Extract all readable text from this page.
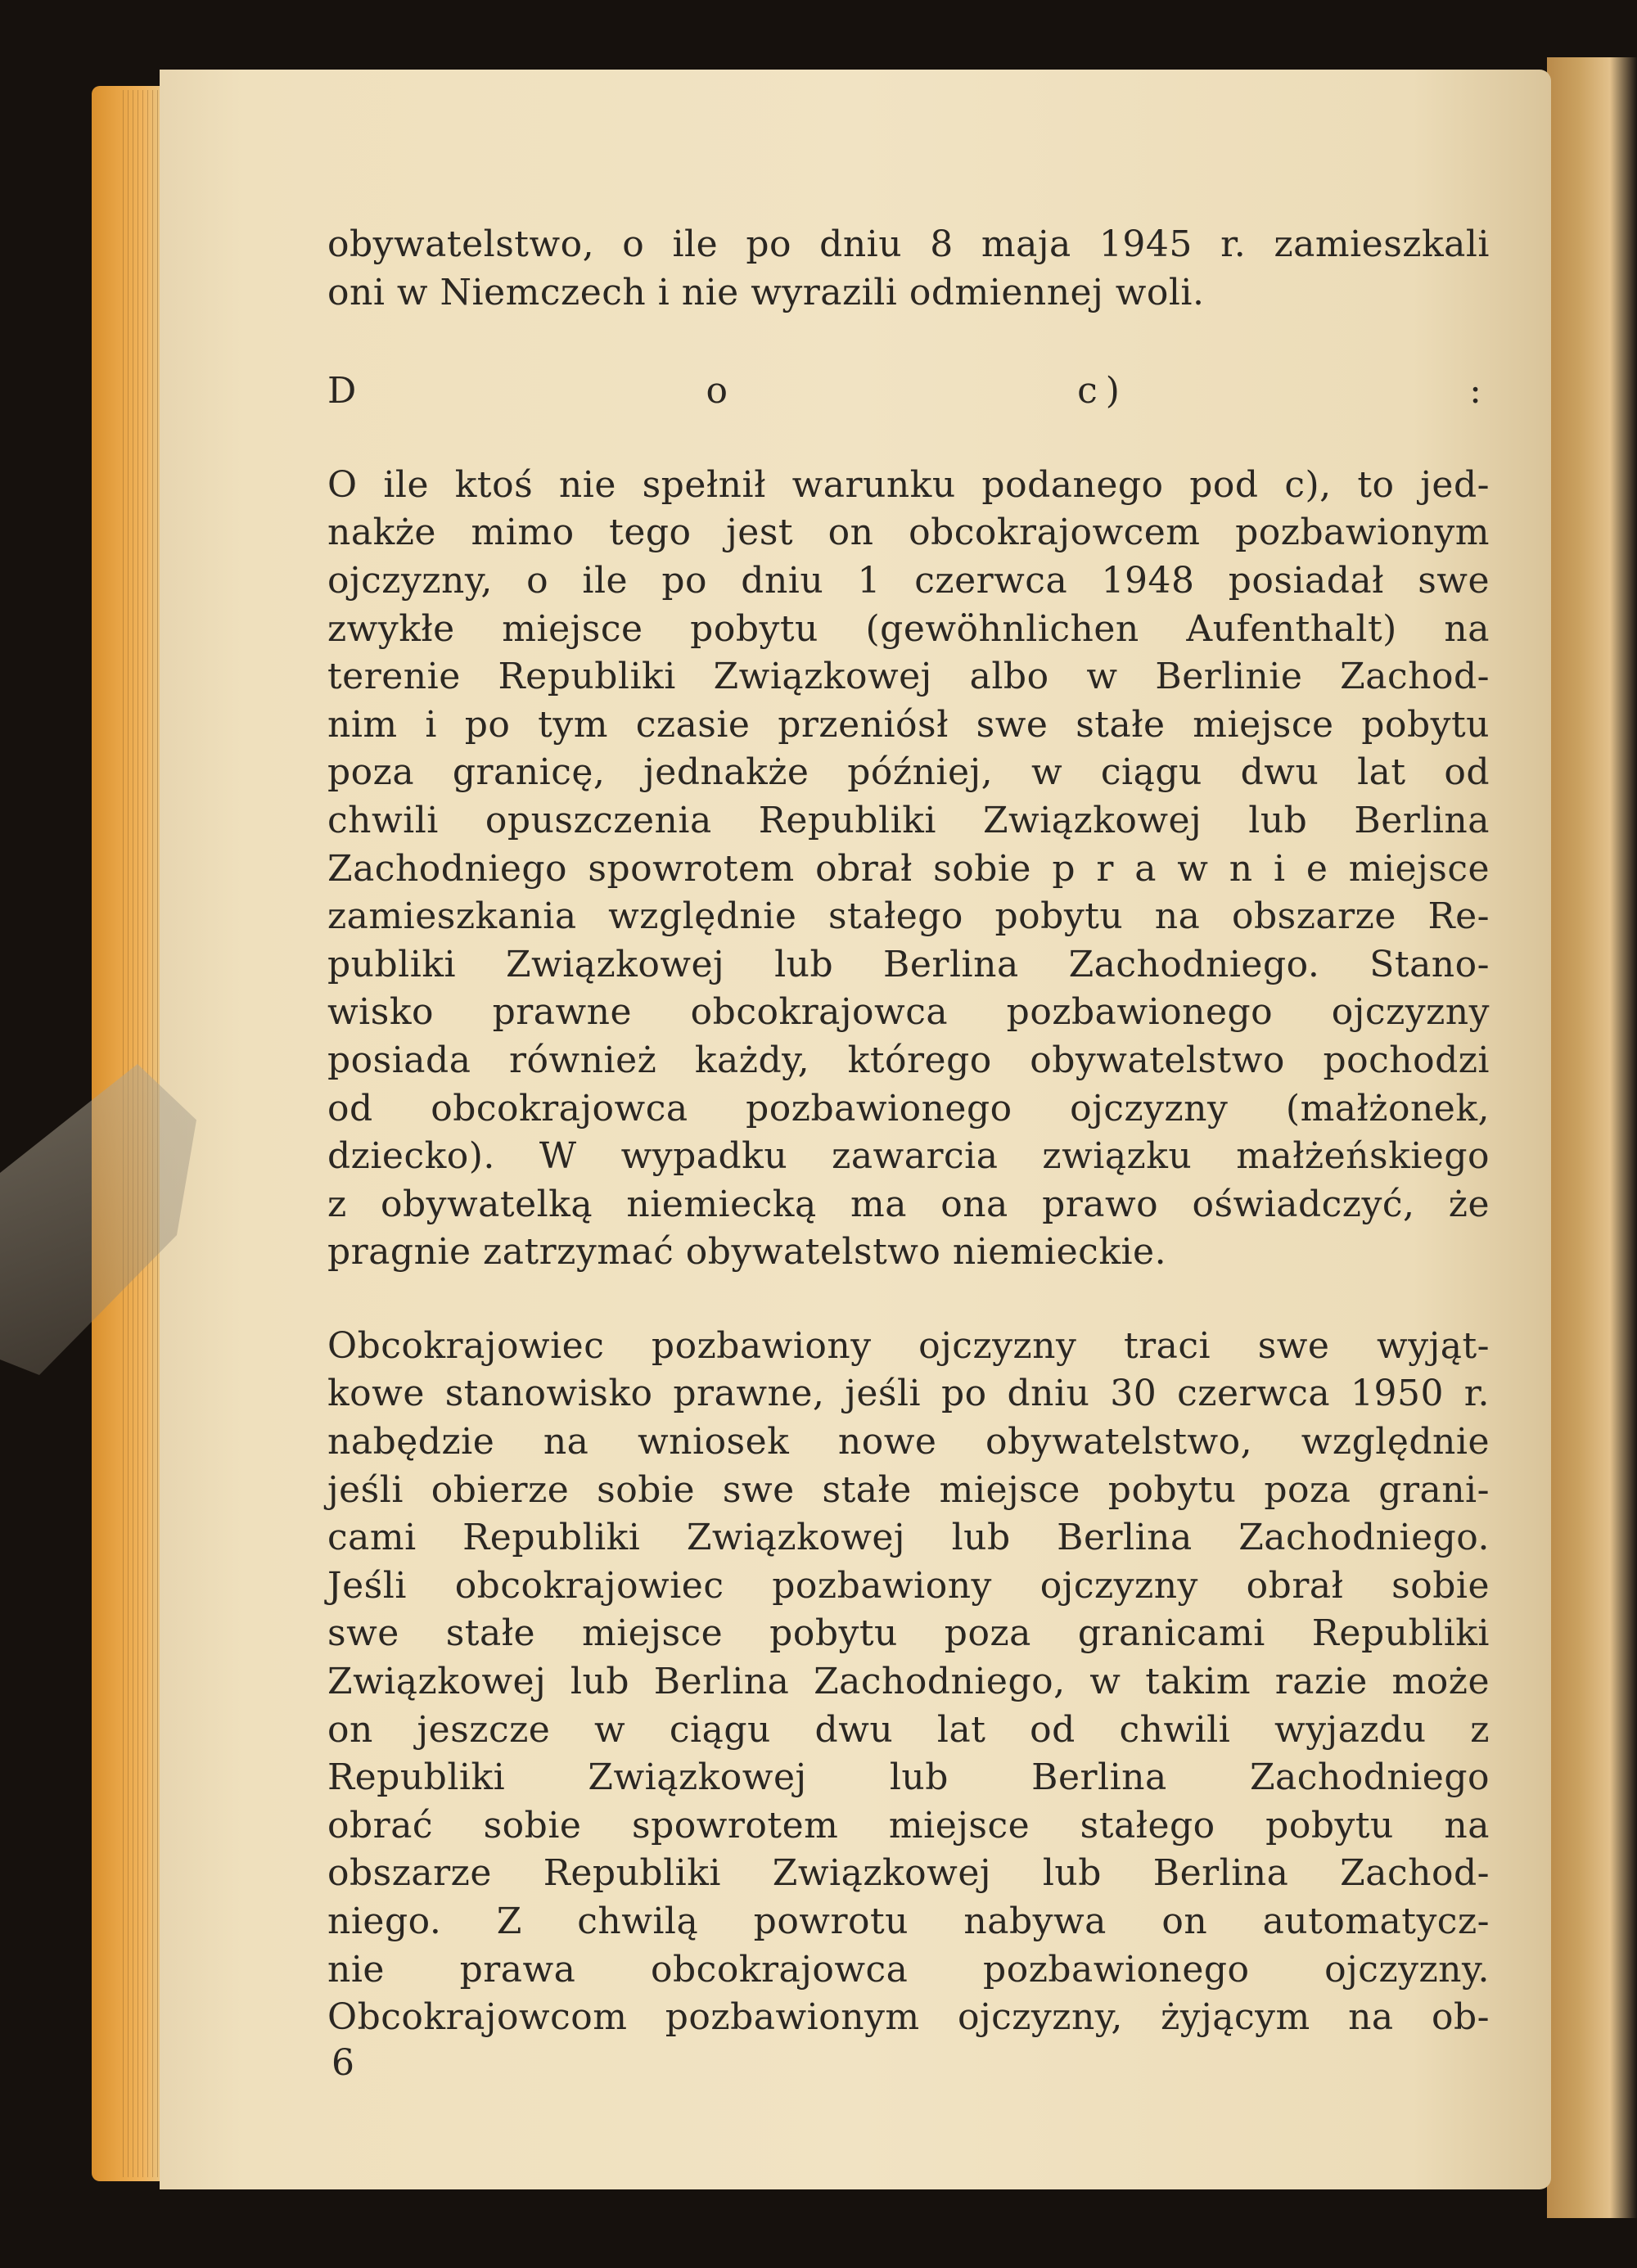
obywatelstwo, o ile po dniu 8 maja 1945 r. zamieszkali

oni w Niemczech i nie wyrazili odmiennej woli.

D o c) :

O ile ktoś nie spełnił warunku podanego pod c), to jed-

nakże mimo tego jest on obcokrajowcem pozbawionym

ojczyzny, o ile po dniu 1 czerwca 1948 posiadał swe

zwykłe miejsce pobytu (gewöhnlichen Aufenthalt) na

terenie Republiki Związkowej albo w Berlinie Zachod-

nim i po tym czasie przeniósł swe stałe miejsce pobytu

poza granicę, jednakże później, w ciągu dwu lat od

chwili opuszczenia Republiki Związkowej lub Berlina

Zachodniego spowrotem obrał sobie p r a w n i e miejsce

zamieszkania względnie stałego pobytu na obszarze Re-

publiki Związkowej lub Berlina Zachodniego. Stano-

wisko prawne obcokrajowca pozbawionego ojczyzny

posiada również każdy, którego obywatelstwo pochodzi

od obcokrajowca pozbawionego ojczyzny (małżonek,

dziecko). W wypadku zawarcia związku małżeńskiego

z obywatelką niemiecką ma ona prawo oświadczyć, że

pragnie zatrzymać obywatelstwo niemieckie.

Obcokrajowiec pozbawiony ojczyzny traci swe wyjąt-

kowe stanowisko prawne, jeśli po dniu 30 czerwca 1950 r.

nabędzie na wniosek nowe obywatelstwo, względnie

jeśli obierze sobie swe stałe miejsce pobytu poza grani-

cami Republiki Związkowej lub Berlina Zachodniego.

Jeśli obcokrajowiec pozbawiony ojczyzny obrał sobie

swe stałe miejsce pobytu poza granicami Republiki

Związkowej lub Berlina Zachodniego, w takim razie może

on jeszcze w ciągu dwu lat od chwili wyjazdu z

Republiki Związkowej lub Berlina Zachodniego

obrać sobie spowrotem miejsce stałego pobytu na

obszarze Republiki Związkowej lub Berlina Zachod-

niego. Z chwilą powrotu nabywa on automatycz-

nie prawa obcokrajowca pozbawionego ojczyzny.

Obcokrajowcom pozbawionym ojczyzny, żyjącym na ob-

6
